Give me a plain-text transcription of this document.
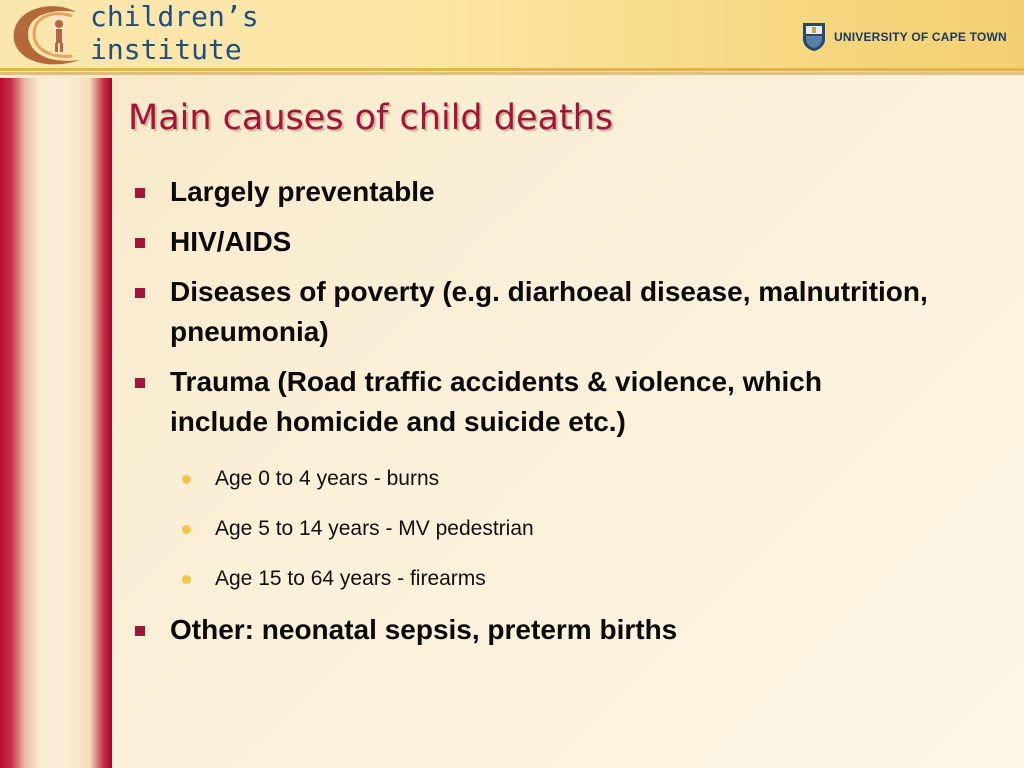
children’s
institute	UNIVERSITY OF CAPE TOWN
Main causes of child deaths
Largely preventable
HIV/AIDS
Diseases of poverty (e.g. diarhoeal disease, malnutrition, pneumonia)
Trauma (Road traffic accidents & violence, which include homicide and suicide etc.)
Age 0 to 4 years - burns
Age 5 to 14 years - MV pedestrian
Age 15 to 64 years - firearms
Other: neonatal sepsis, preterm births
